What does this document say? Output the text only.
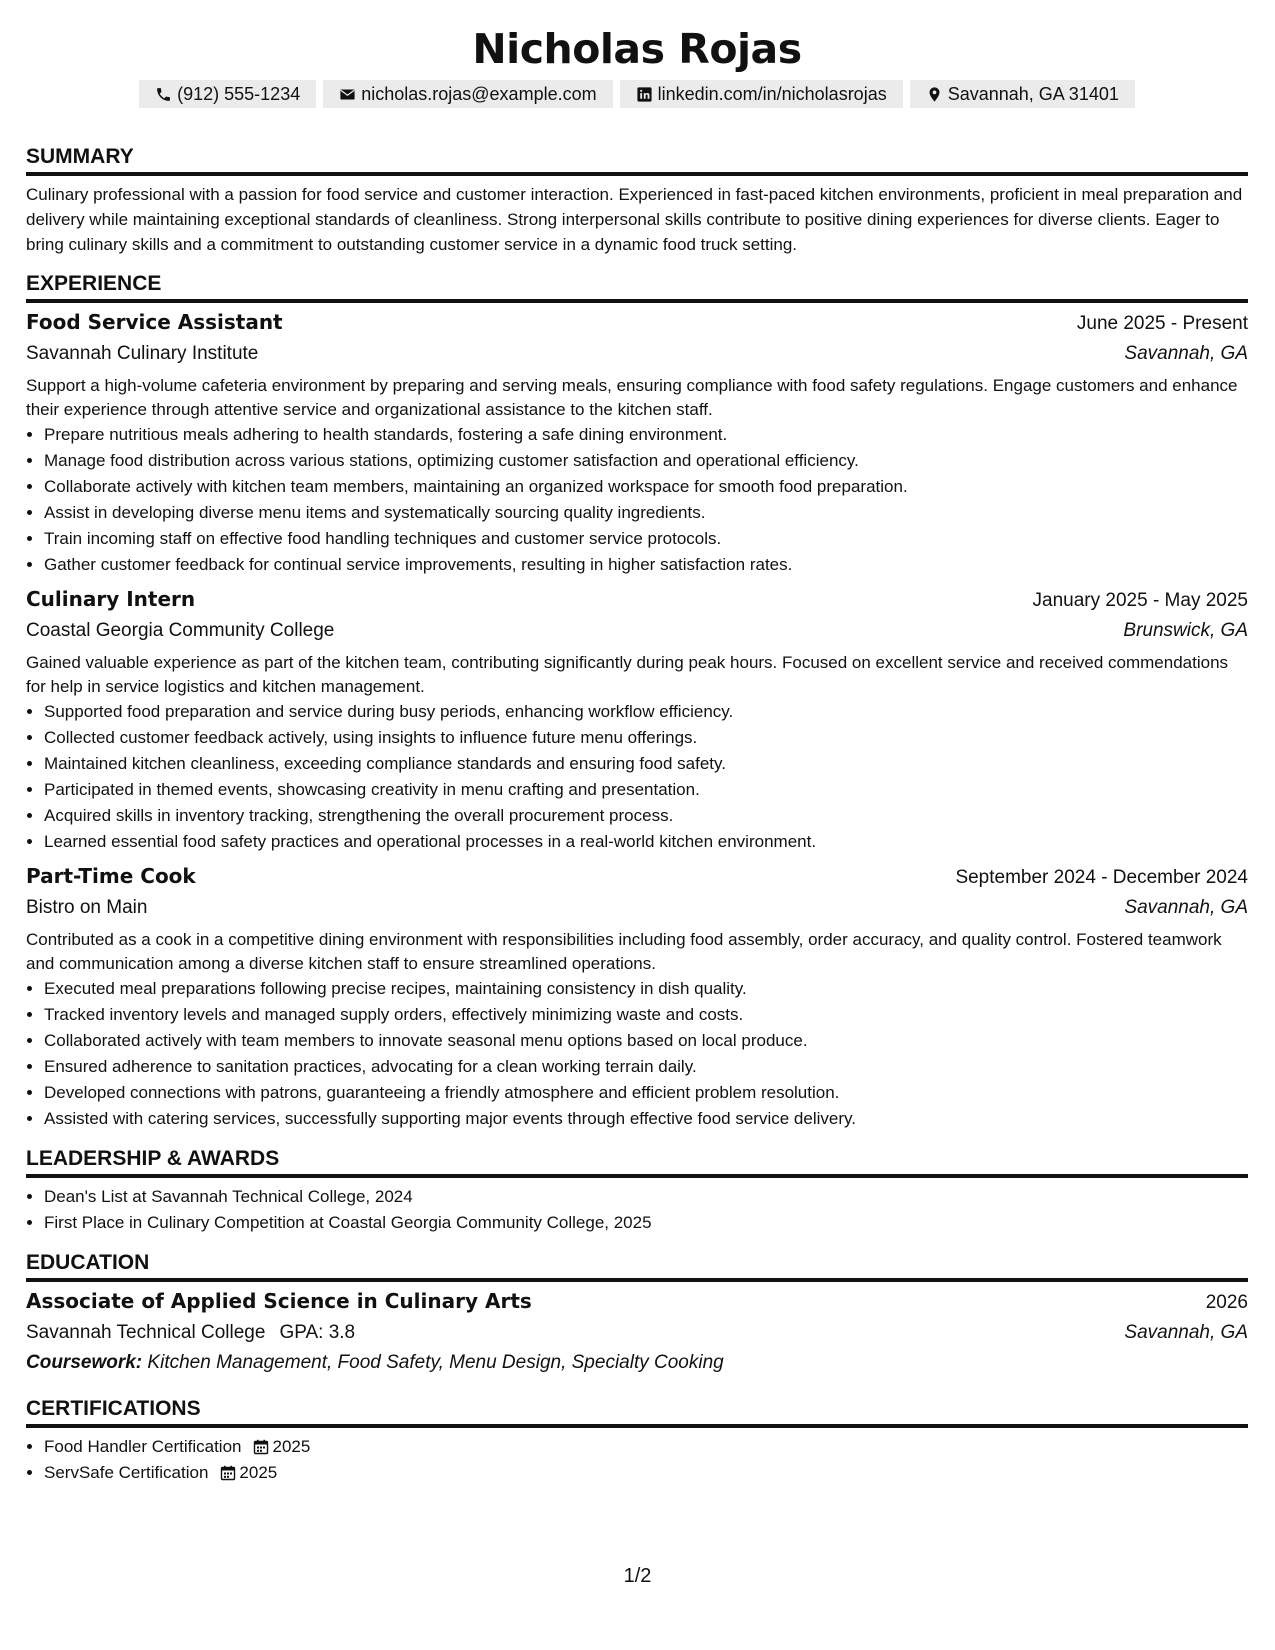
Nicholas Rojas
(912) 555-1234	nicholas.rojas@example.com	linkedin.com/in/nicholasrojas	Savannah, GA 31401
SUMMARY

Culinary professional with a passion for food service and customer interaction. Experienced in fast-paced kitchen environments, proficient in meal preparation and delivery while maintaining exceptional standards of cleanliness. Strong interpersonal skills contribute to positive dining experiences for diverse clients. Eager to bring culinary skills and a commitment to outstanding customer service in a dynamic food truck setting.

EXPERIENCE
Food Service Assistant	June 2025 - Present
Savannah Culinary Institute	Savannah, GA

Support a high-volume cafeteria environment by preparing and serving meals, ensuring compliance with food safety regulations. Engage customers and enhance their experience through attentive service and organizational assistance to the kitchen staff.

• Prepare nutritious meals adhering to health standards, fostering a safe dining environment.
• Manage food distribution across various stations, optimizing customer satisfaction and operational efficiency.
• Collaborate actively with kitchen team members, maintaining an organized workspace for smooth food preparation.
• Assist in developing diverse menu items and systematically sourcing quality ingredients.
• Train incoming staff on effective food handling techniques and customer service protocols.
• Gather customer feedback for continual service improvements, resulting in higher satisfaction rates.
Culinary Intern	January 2025 - May 2025
Coastal Georgia Community College	Brunswick, GA

Gained valuable experience as part of the kitchen team, contributing significantly during peak hours. Focused on excellent service and received commendations for help in service logistics and kitchen management.

• Supported food preparation and service during busy periods, enhancing workflow efficiency.
• Collected customer feedback actively, using insights to influence future menu offerings.
• Maintained kitchen cleanliness, exceeding compliance standards and ensuring food safety.
• Participated in themed events, showcasing creativity in menu crafting and presentation.
• Acquired skills in inventory tracking, strengthening the overall procurement process.
• Learned essential food safety practices and operational processes in a real-world kitchen environment.
Part-Time Cook	September 2024 - December 2024
Bistro on Main	Savannah, GA

Contributed as a cook in a competitive dining environment with responsibilities including food assembly, order accuracy, and quality control. Fostered teamwork and communication among a diverse kitchen staff to ensure streamlined operations.

• Executed meal preparations following precise recipes, maintaining consistency in dish quality.
• Tracked inventory levels and managed supply orders, effectively minimizing waste and costs.
• Collaborated actively with team members to innovate seasonal menu options based on local produce.
• Ensured adherence to sanitation practices, advocating for a clean working terrain daily.
• Developed connections with patrons, guaranteeing a friendly atmosphere and efficient problem resolution.
• Assisted with catering services, successfully supporting major events through effective food service delivery.
LEADERSHIP & AWARDS
• Dean's List at Savannah Technical College, 2024
• First Place in Culinary Competition at Coastal Georgia Community College, 2025
EDUCATION
Associate of Applied Science in Culinary Arts	2026
Savannah Technical College GPA: 3.8	Savannah, GA
Coursework: Kitchen Management, Food Safety, Menu Design, Specialty Cooking
CERTIFICATIONS
• Food Handler Certification 2025
• ServSafe Certification 2025
1/2
